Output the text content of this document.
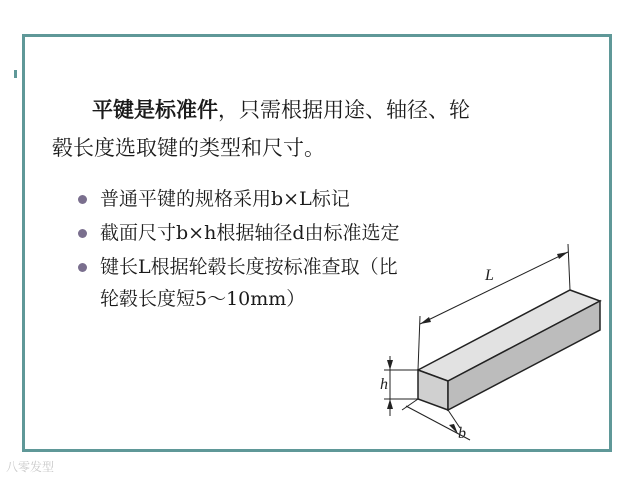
平键是标准件，只需根据用途、轴径、轮
毂长度选取键的类型和尺寸。
普通平键的规格采用b×L标记
截面尺寸b×h根据轴径d由标准选定
键长L根据轮毂长度按标准查取（比
轮毂长度短5～10mm）
L
h
b
八零发型
